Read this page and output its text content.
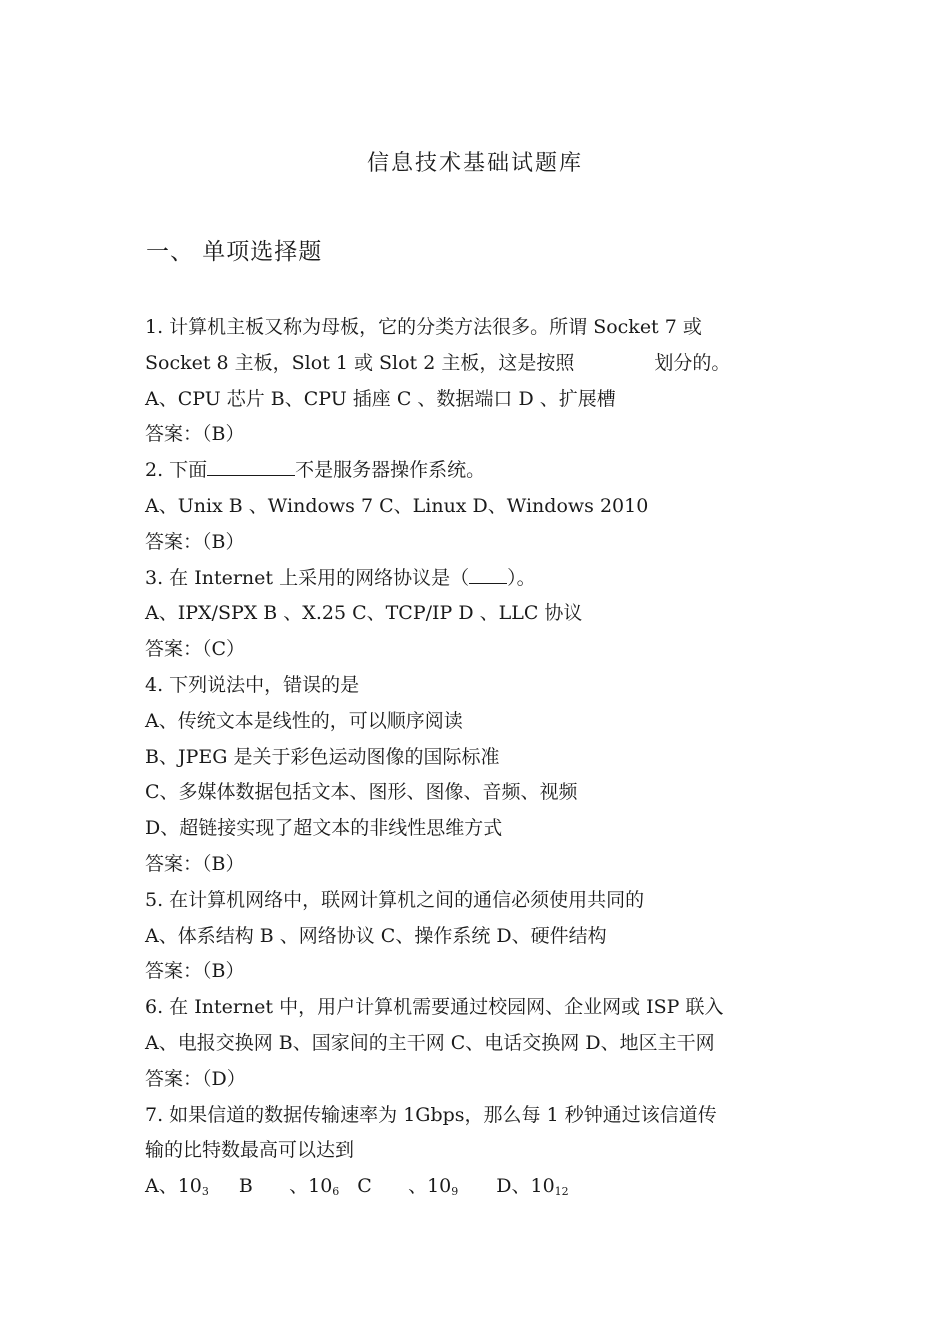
信息技术基础试题库
一、 单项选择题
1. 计算机主板又称为母板，它的分类方法很多。所谓 Socket 7 或
Socket 8 主板，Slot 1 或 Slot 2 主板，这是按照	划分的。
A、CPU 芯片 B、CPU 插座 C 、数据端口 D 、扩展槽
答案：（B）
2. 下面	不是服务器操作系统。
A、Unix B 、Windows 7 C、Linux D、Windows 2010
答案：（B）
3. 在 Internet 上采用的网络协议是（ ）。
A、IPX/SPX B 、X.25 C、TCP/IP D 、LLC 协议
答案：（C）
4. 下列说法中，错误的是
A、传统文本是线性的，可以顺序阅读
B、JPEG 是关于彩色运动图像的国际标准
C、多媒体数据包括文本、图形、图像、音频、视频
D、超链接实现了超文本的非线性思维方式
答案：（B）
5. 在计算机网络中，联网计算机之间的通信必须使用共同的
A、体系结构 B 、网络协议 C、操作系统 D、硬件结构
答案：（B）
6. 在 Internet 中，用户计算机需要通过校园网、企业网或 ISP 联入
A、电报交换网 B、国家间的主干网 C、电话交换网 D、地区主干网
答案：（D）
7. 如果信道的数据传输速率为 1Gbps，那么每 1 秒钟通过该信道传
输的比特数最高可以达到
A、$10_3$ B      、$10_6$ C      、$10_9$ D、$10_{12}$
